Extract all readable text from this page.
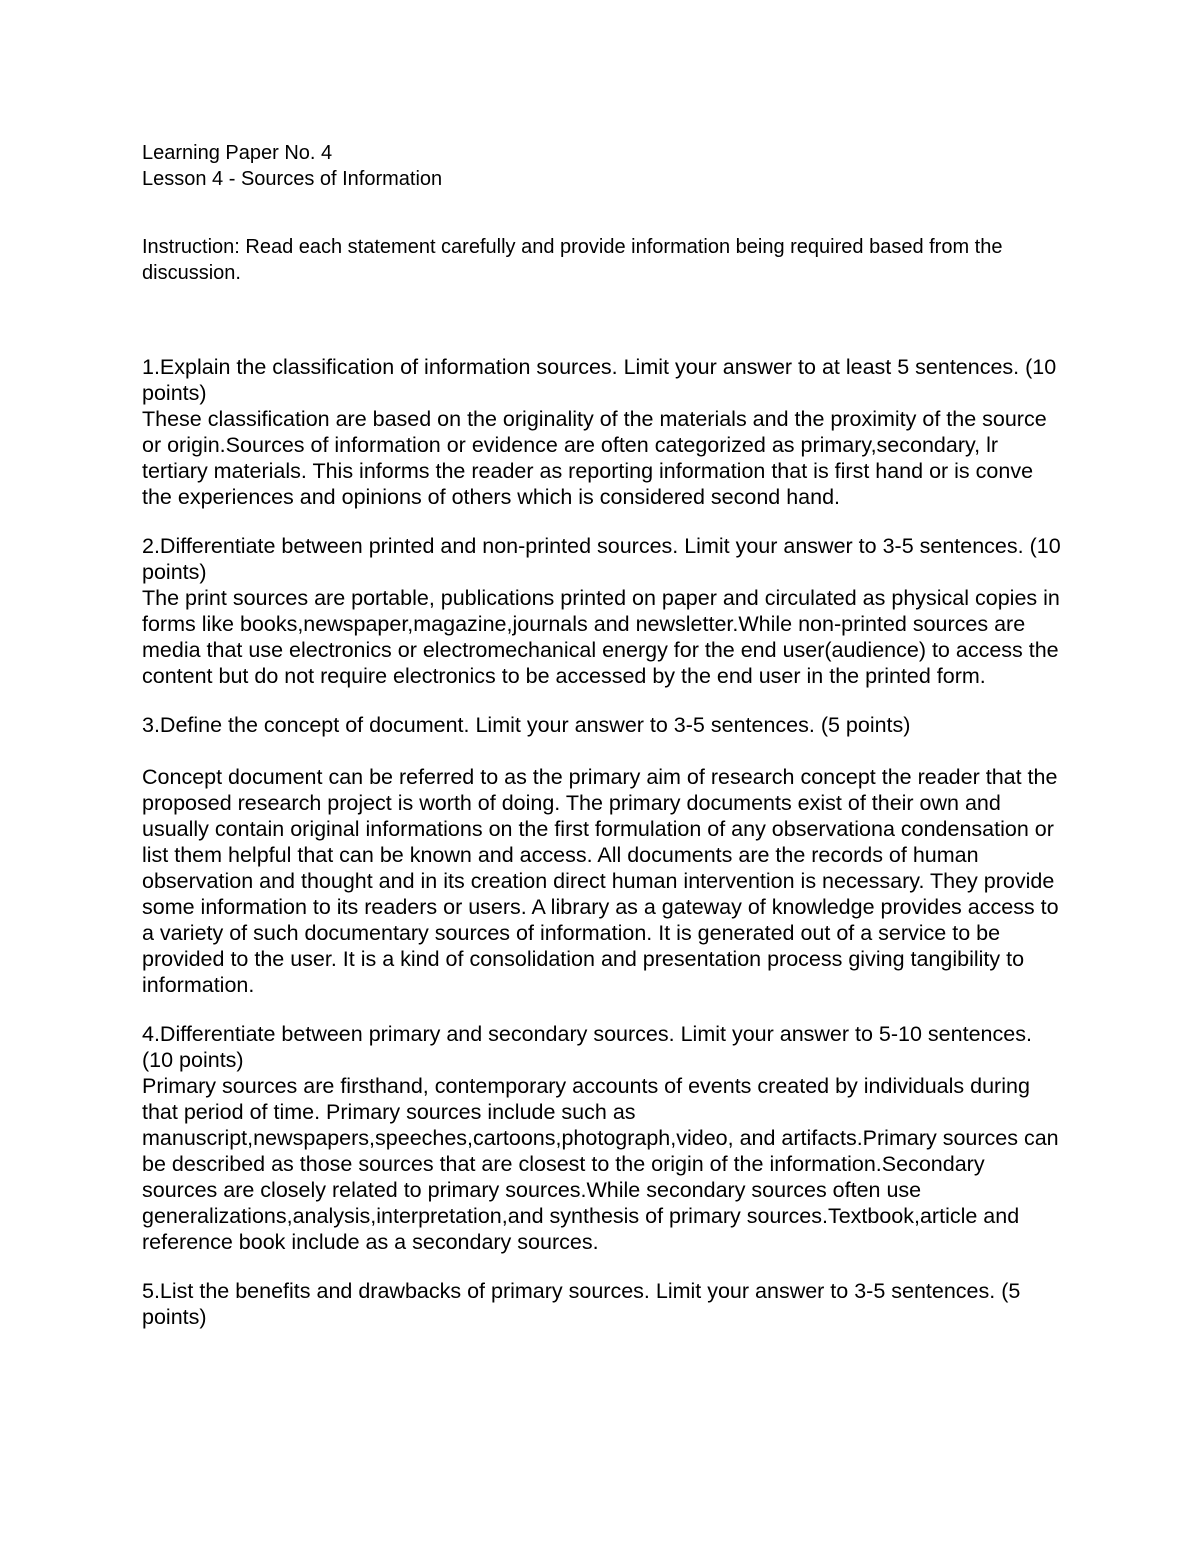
Learning Paper No. 4

Lesson 4 - Sources of Information

Instruction: Read each statement carefully and provide information being required based from the discussion.

1.Explain the classification of information sources. Limit your answer to at least 5 sentences. (10 points)

These classification are based on the originality of the materials and the proximity of the source or origin.Sources of information or evidence are often categorized as primary,secondary, lr tertiary materials. This informs the reader as reporting information that is first hand or is conve the experiences and opinions of others which is considered second hand.

2.Differentiate between printed and non-printed sources. Limit your answer to 3-5 sentences. (10 points)

The print sources are portable, publications printed on paper and circulated as physical copies in forms like books,newspaper,magazine,journals and newsletter.While non-printed sources are media that use electronics or electromechanical energy for the end user(audience) to access the content but do not require electronics to be accessed by the end user in the printed form.

3.Define the concept of document. Limit your answer to 3-5 sentences. (5 points)

Concept document can be referred to as the primary aim of research concept the reader that the proposed research project is worth of doing. The primary documents exist of their own and usually contain original informations on the first formulation of any observationa condensation or list them helpful that can be known and access. All documents are the records of human observation and thought and in its creation direct human intervention is necessary. They provide some information to its readers or users. A library as a gateway of knowledge provides access to a variety of such documentary sources of information. It is generated out of a service to be provided to the user. It is a kind of consolidation and presentation process giving tangibility to information.

4.Differentiate between primary and secondary sources. Limit your answer to 5-10 sentences. (10 points)

Primary sources are firsthand, contemporary accounts of events created by individuals during that period of time. Primary sources include such as manuscript,newspapers,speeches,cartoons,photograph,video, and artifacts.Primary sources can be described as those sources that are closest to the origin of the information.Secondary sources are closely related to primary sources.While secondary sources often use generalizations,analysis,interpretation,and synthesis of primary sources.Textbook,article and reference book include as a secondary sources.

5.List the benefits and drawbacks of primary sources. Limit your answer to 3-5 sentences. (5 points)
